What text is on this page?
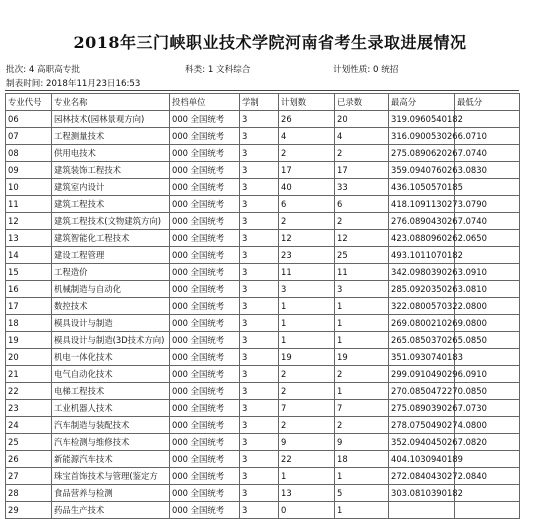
2018年三门峡职业技术学院河南省考生录取进展情况
批次: 4 高职高专批	科类: 1 文科综合	计划性质: 0 统招
制表时间: 2018年11月23日16:53
专业代号	专业名称	投档单位	学制	计划数	已录数	最高分	最低分
06	园林技术(园林景观方向)	000 全国统考	3	26	20	319.0960540182	
07	工程测量技术	000 全国统考	3	4	4	316.0900530266.0710	
08	供用电技术	000 全国统考	3	2	2	275.0890620267.0740	
09	建筑装饰工程技术	000 全国统考	3	17	17	359.0940760263.0830	
10	建筑室内设计	000 全国统考	3	40	33	436.1050570185	
11	建筑工程技术	000 全国统考	3	6	6	418.1091130273.0790	
12	建筑工程技术(文物建筑方向)	000 全国统考	3	2	2	276.0890430267.0740	
13	建筑智能化工程技术	000 全国统考	3	12	12	423.0880960262.0650	
14	建设工程管理	000 全国统考	3	23	25	493.1011070182	
15	工程造价	000 全国统考	3	11	11	342.0980390263.0910	
16	机械制造与自动化	000 全国统考	3	3	3	285.0920350263.0810	
17	数控技术	000 全国统考	3	1	1	322.0800570322.0800	
18	模具设计与制造	000 全国统考	3	1	1	269.0800210269.0800	
19	模具设计与制造(3D技术方向)	000 全国统考	3	1	1	265.0850370265.0850	
20	机电一体化技术	000 全国统考	3	19	19	351.0930740183	
21	电气自动化技术	000 全国统考	3	2	2	299.0910490296.0910	
22	电梯工程技术	000 全国统考	3	2	1	270.0850472270.0850	
23	工业机器人技术	000 全国统考	3	7	7	275.0890390267.0730	
24	汽车制造与装配技术	000 全国统考	3	2	2	278.0750490274.0800	
25	汽车检测与维修技术	000 全国统考	3	9	9	352.0940450267.0820	
26	新能源汽车技术	000 全国统考	3	22	18	404.1030940189	
27	珠宝首饰技术与管理(鉴定方	000 全国统考	3	1	1	272.0840430272.0840	
28	食品营养与检测	000 全国统考	3	13	5	303.0810390182	
29	药品生产技术	000 全国统考	3	0	1		
